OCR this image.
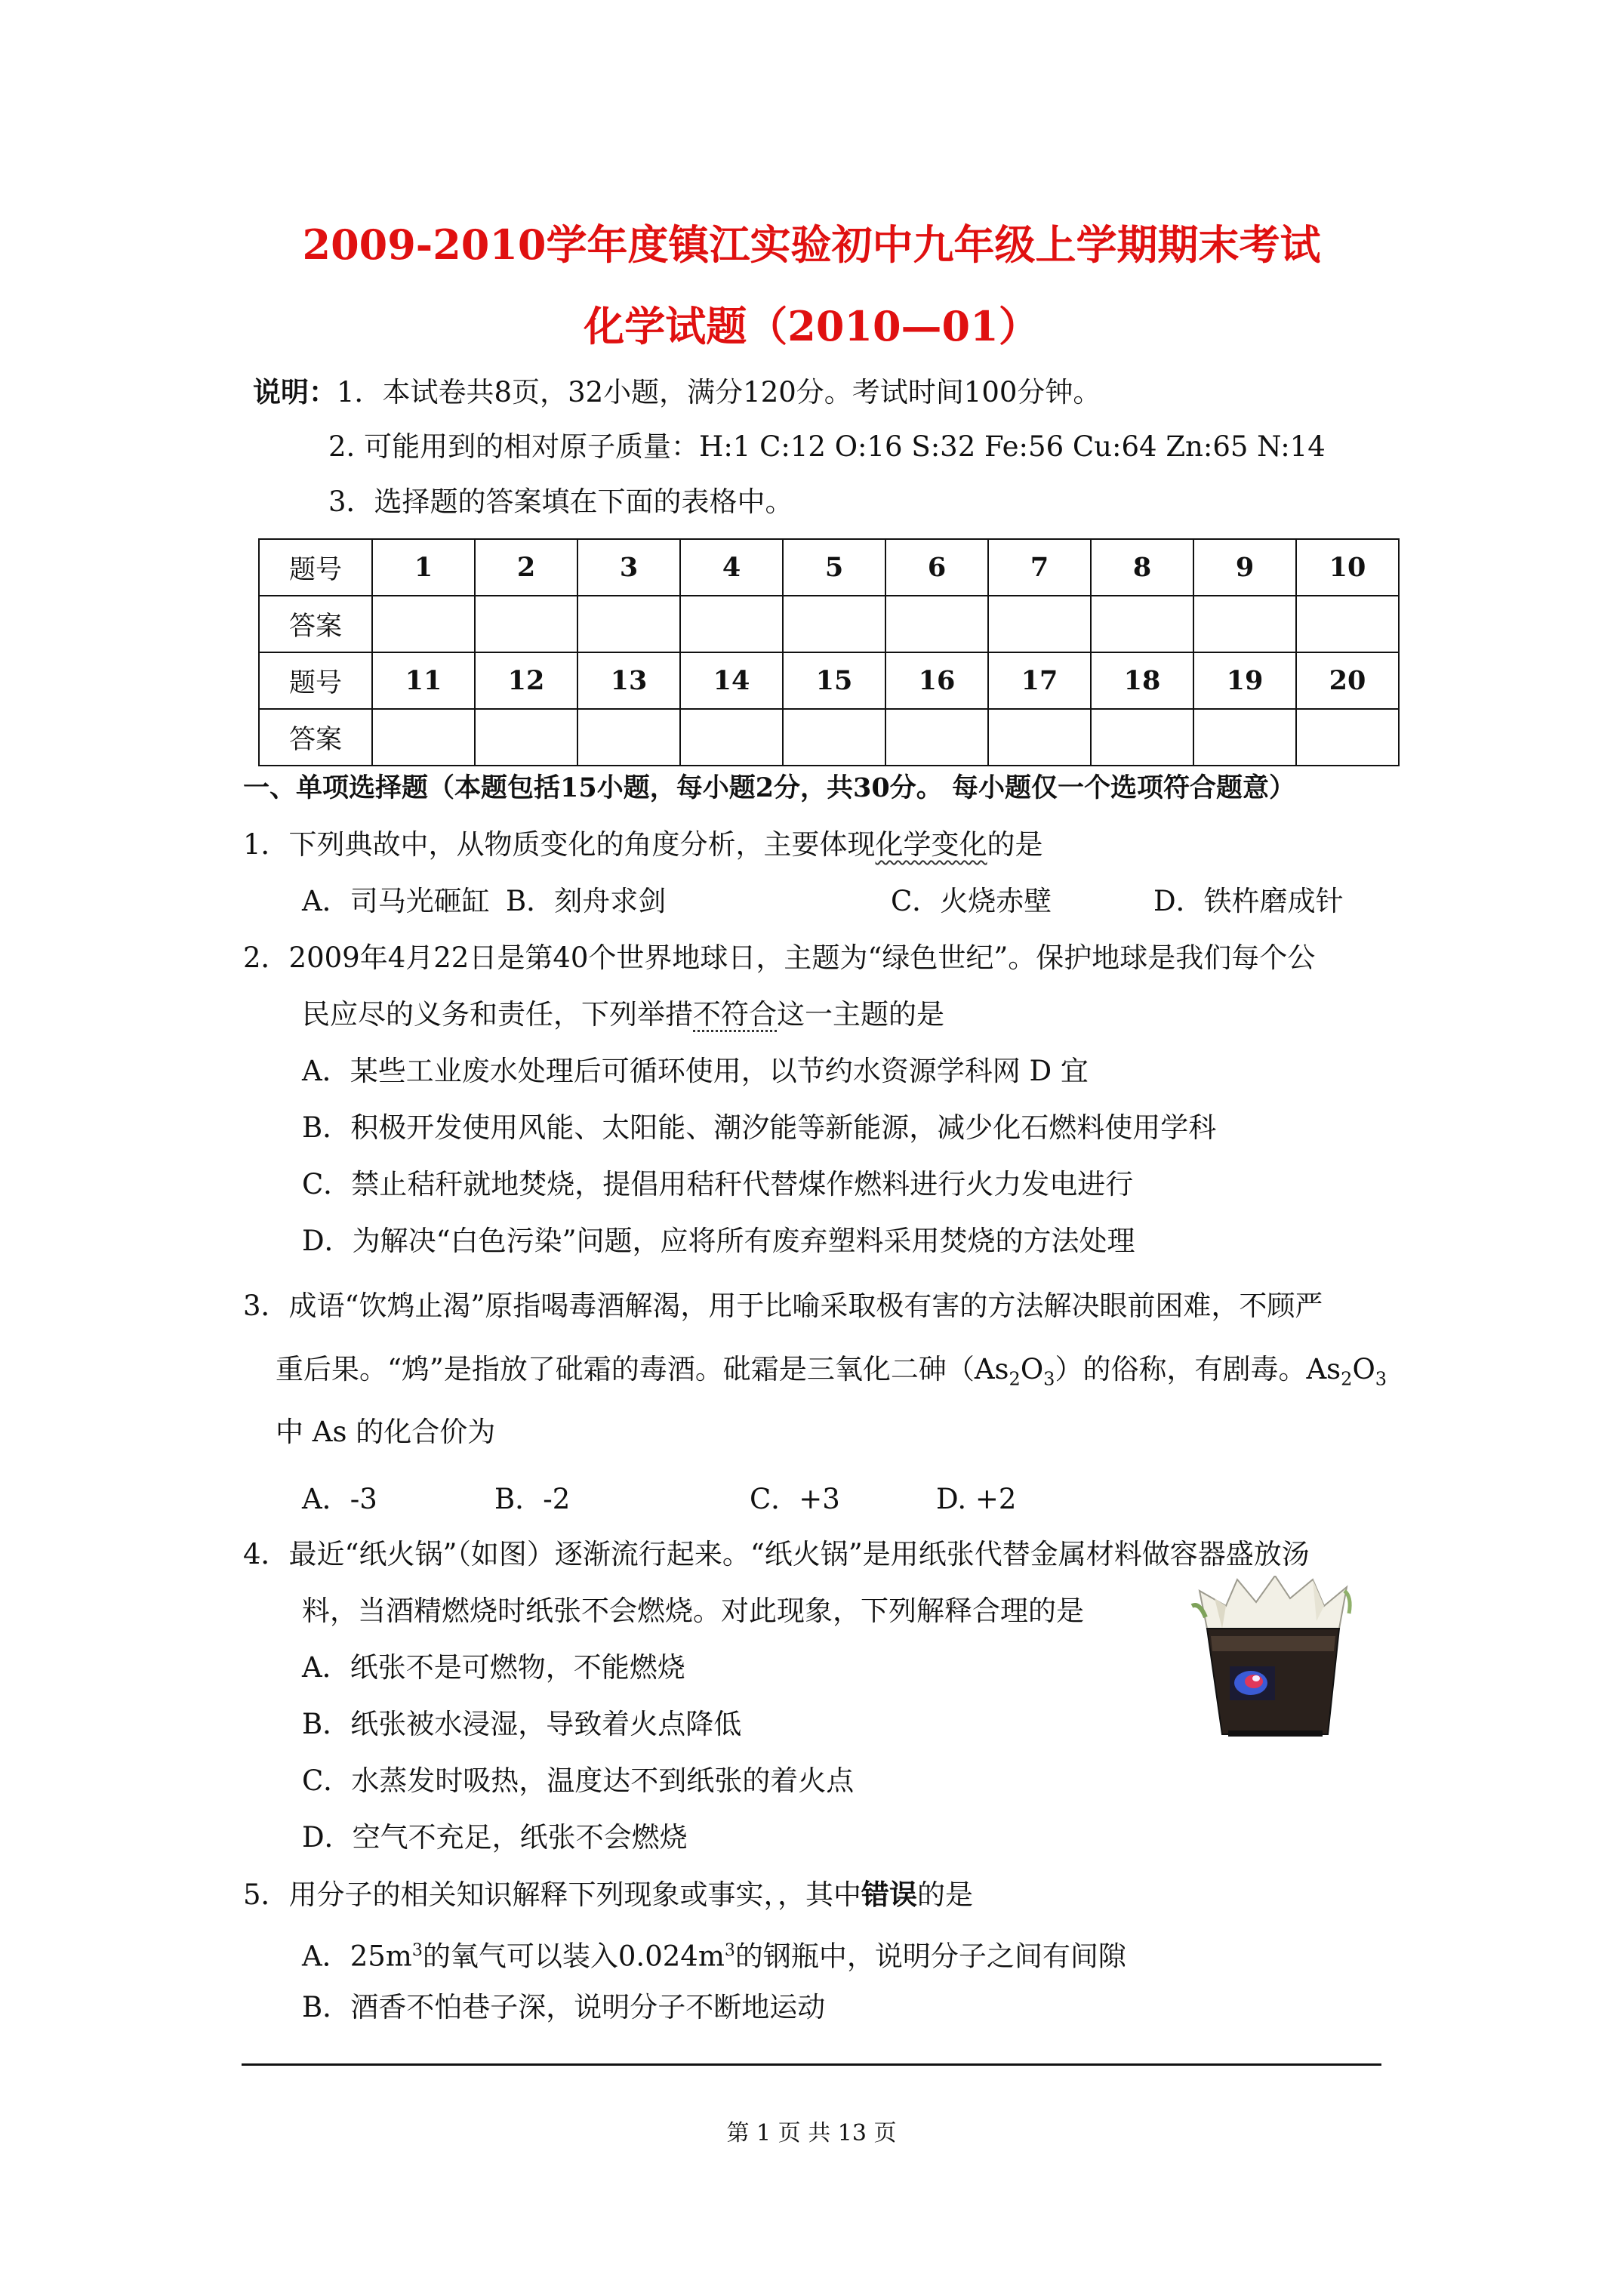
2009-2010学年度镇江实验初中九年级上学期期末考试
化学试题（2010—01）
说明：1．本试卷共8页，32小题，满分120分。考试时间100分钟。
2. 可能用到的相对原子质量：H:1 C:12 O:16 S:32 Fe:56 Cu:64 Zn:65 N:14
3．选择题的答案填在下面的表格中。
题号	1	2	3	4	5	6	7	8	9	10
答案										
题号	11	12	13	14	15	16	17	18	19	20
答案										
一、单项选择题（本题包括15小题，每小题2分，共30分。 每小题仅一个选项符合题意）
1．下列典故中，从物质变化的角度分析，主要体现化学变化的是
A．司马光砸缸 B．刻舟求剑	C．火烧赤壁	D．铁杵磨成针
2．2009年4月22日是第40个世界地球日，主题为“绿色世纪”。保护地球是我们每个公
民应尽的义务和责任，下列举措不符合这一主题的是
A．某些工业废水处理后可循环使用，以节约水资源学科网 D 宜
B．积极开发使用风能、太阳能、潮汐能等新能源，减少化石燃料使用学科
C．禁止秸秆就地焚烧，提倡用秸秆代替煤作燃料进行火力发电进行
D．为解决“白色污染”问题，应将所有废弃塑料采用焚烧的方法处理
3．成语“饮鸩止渴”原指喝毒酒解渴，用于比喻采取极有害的方法解决眼前困难，不顾严
重后果。“鸩”是指放了砒霜的毒酒。砒霜是三氧化二砷$(As_2O_3)$的俗称，有剧毒。$As_2O_3$
中 As 的化合价为
A．-3	B．-2	C．+3	D. +2
4．最近“纸火锅”（如图）逐渐流行起来。“纸火锅”是用纸张代替金属材料做容器盛放汤
料，当酒精燃烧时纸张不会燃烧。对此现象，下列解释合理的是
A．纸张不是可燃物，不能燃烧
B．纸张被水浸湿，导致着火点降低
C．水蒸发时吸热，温度达不到纸张的着火点
D．空气不充足，纸张不会燃烧
5．用分子的相关知识解释下列现象或事实，，其中错误的是
A．$25m^3$的氧气可以装入$0.024m^3$的钢瓶中，说明分子之间有间隙
B．酒香不怕巷子深，说明分子不断地运动
第 1 页 共 13 页
